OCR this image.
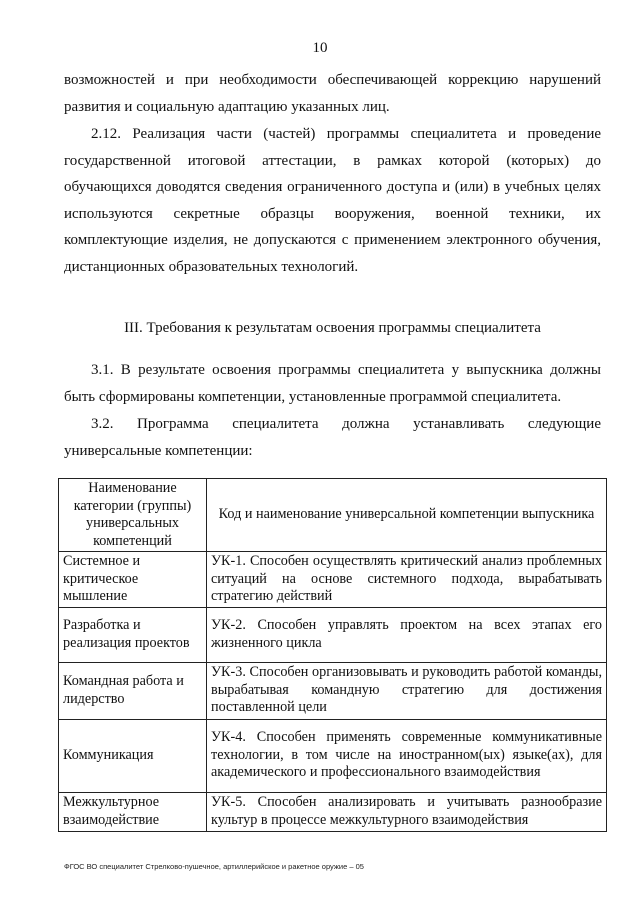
10
возможностей и при необходимости обеспечивающей коррекцию нарушений развития и социальную адаптацию указанных лиц.
2.12. Реализация части (частей) программы специалитета и проведение государственной итоговой аттестации, в рамках которой (которых) до обучающихся доводятся сведения ограниченного доступа и (или) в учебных целях используются секретные образцы вооружения, военной техники, их комплектующие изделия, не допускаются с применением электронного обучения, дистанционных образовательных технологий.
III. Требования к результатам освоения программы специалитета
3.1. В результате освоения программы специалитета у выпускника должны быть сформированы компетенции, установленные программой специалитета.
3.2. Программа специалитета должна устанавливать следующие
универсальные компетенции:
Наименование категории (группы) универсальных компетенций	Код и наименование универсальной компетенции выпускника
Системное и критическое мышление	УК-1. Способен осуществлять критический анализ проблемных ситуаций на основе системного подхода, вырабатывать стратегию действий
Разработка и реализация проектов	УК-2. Способен управлять проектом на всех этапах его жизненного цикла
Командная работа и лидерство	УК-3. Способен организовывать и руководить работой команды, вырабатывая командную стратегию для достижения поставленной цели
Коммуникация	УК-4. Способен применять современные коммуникативные технологии, в том числе на иностранном(ых) языке(ах), для академического и профессионального взаимодействия
Межкультурное взаимодействие	УК-5. Способен анализировать и учитывать разнообразие культур в процессе межкультурного взаимодействия
ФГОС ВО специалитет Стрелково-пушечное, артиллерийское и ракетное оружие – 05
